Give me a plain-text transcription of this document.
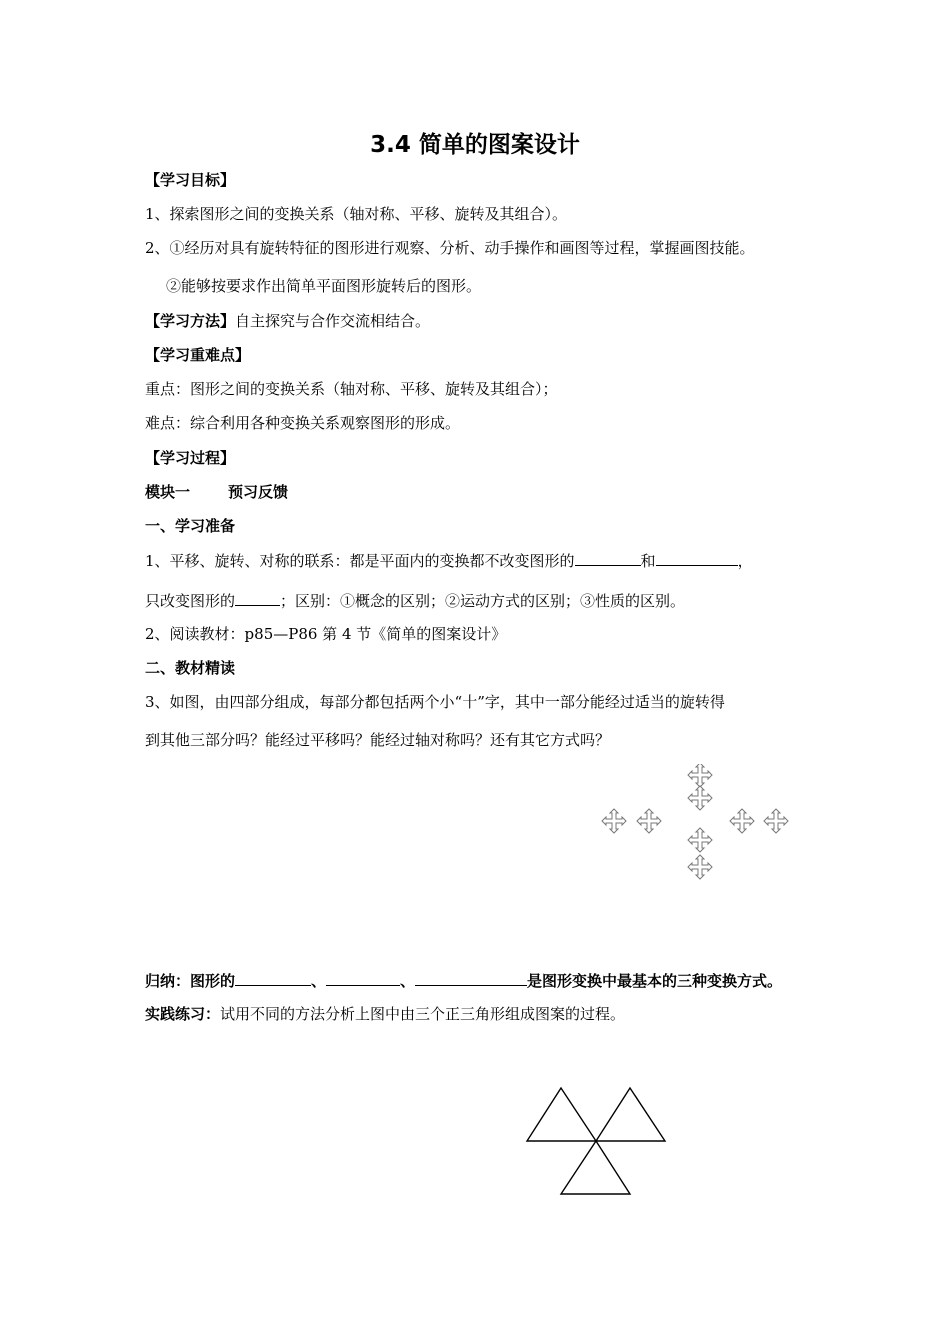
3.4 简单的图案设计
【学习目标】
1、探索图形之间的变换关系（轴对称、平移、旋转及其组合）。
2、①经历对具有旋转特征的图形进行观察、分析、动手操作和画图等过程，掌握画图技能。
②能够按要求作出简单平面图形旋转后的图形。
【学习方法】自主探究与合作交流相结合。
【学习重难点】
重点：图形之间的变换关系（轴对称、平移、旋转及其组合）；
难点：综合利用各种变换关系观察图形的形成。
【学习过程】
模块一	预习反馈
一、学习准备
1、平移、旋转、对称的联系：都是平面内的变换都不改变图形的	和	，
只改变图形的	；区别：①概念的区别；②运动方式的区别；③性质的区别。
2、阅读教材：p85—P86 第 4 节《简单的图案设计》
二、教材精读
3、如图，由四部分组成，每部分都包括两个小“十”字，其中一部分能经过适当的旋转得
到其他三部分吗？能经过平移吗？能经过轴对称吗？还有其它方式吗？
归纳：图形的	、	、	是图形变换中最基本的三种变换方式。
实践练习：试用不同的方法分析上图中由三个正三角形组成图案的过程。
